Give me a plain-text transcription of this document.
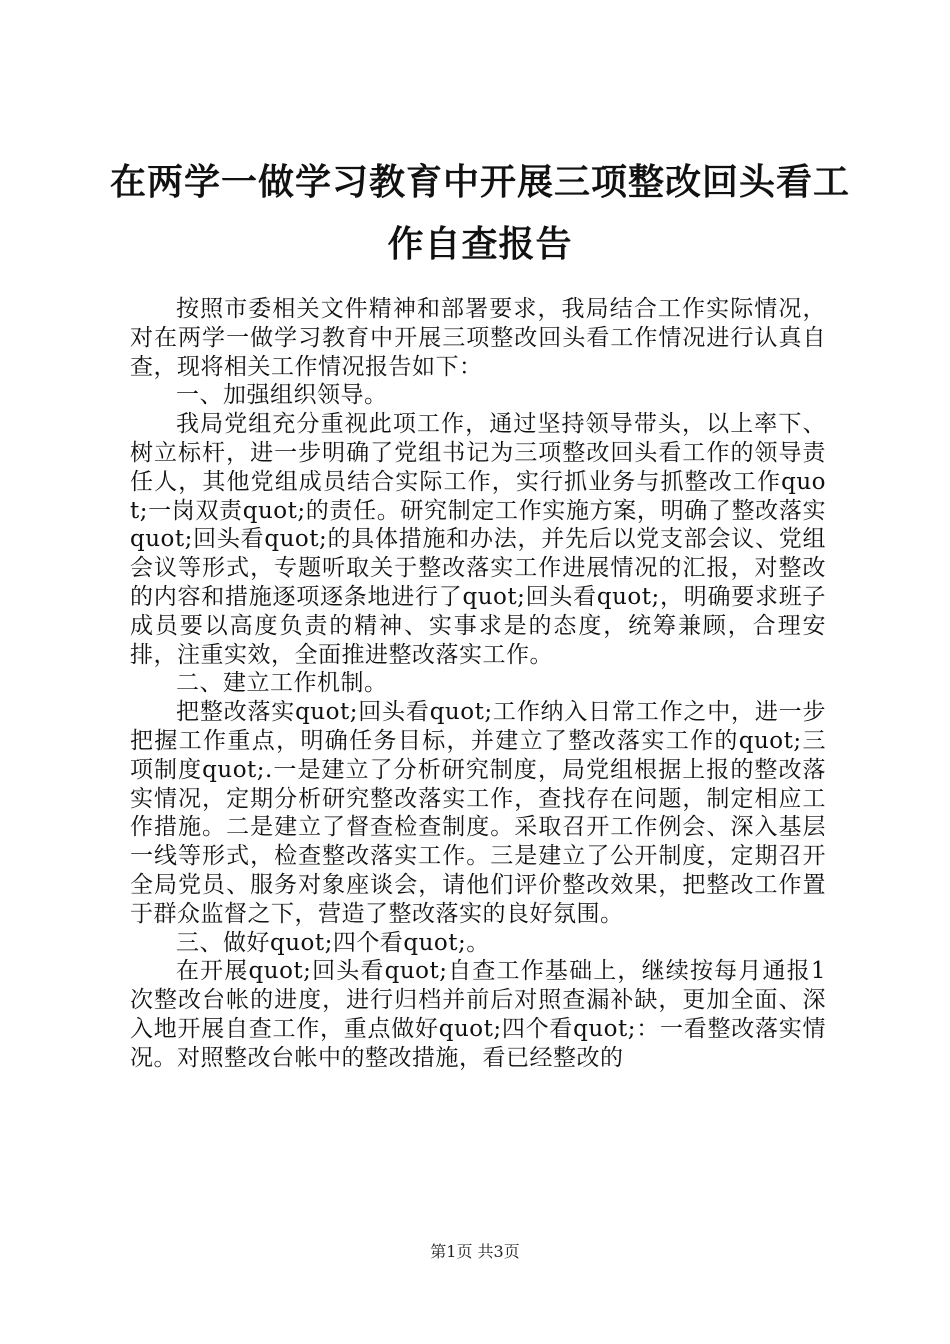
在两学一做学习教育中开展三项整改回头看工作自查报告

按照市委相关文件精神和部署要求，我局结合工作实际情况，对在两学一做学习教育中开展三项整改回头看工作情况进行认真自查，现将相关工作情况报告如下：

一、加强组织领导。

我局党组充分重视此项工作，通过坚持领导带头，以上率下、树立标杆，进一步明确了党组书记为三项整改回头看工作的领导责任人，其他党组成员结合实际工作，实行抓业务与抓整改工作quot;一岗双责quot;的责任。研究制定工作实施方案，明确了整改落实quot;回头看quot;的具体措施和办法，并先后以党支部会议、党组会议等形式，专题听取关于整改落实工作进展情况的汇报，对整改的内容和措施逐项逐条地进行了quot;回头看quot;，明确要求班子成员要以高度负责的精神、实事求是的态度，统筹兼顾，合理安排，注重实效，全面推进整改落实工作。

二、建立工作机制。

把整改落实quot;回头看quot;工作纳入日常工作之中，进一步把握工作重点，明确任务目标，并建立了整改落实工作的quot;三项制度quot;.一是建立了分析研究制度，局党组根据上报的整改落实情况，定期分析研究整改落实工作，查找存在问题，制定相应工作措施。二是建立了督查检查制度。采取召开工作例会、深入基层一线等形式，检查整改落实工作。三是建立了公开制度，定期召开全局党员、服务对象座谈会，请他们评价整改效果，把整改工作置于群众监督之下，营造了整改落实的良好氛围。

三、做好quot;四个看quot;。

在开展quot;回头看quot;自查工作基础上，继续按每月通报1次整改台帐的进度，进行归档并前后对照查漏补缺，更加全面、深入地开展自查工作，重点做好quot;四个看quot;：一看整改落实情况。对照整改台帐中的整改措施，看已经整改的

第1页 共3页
